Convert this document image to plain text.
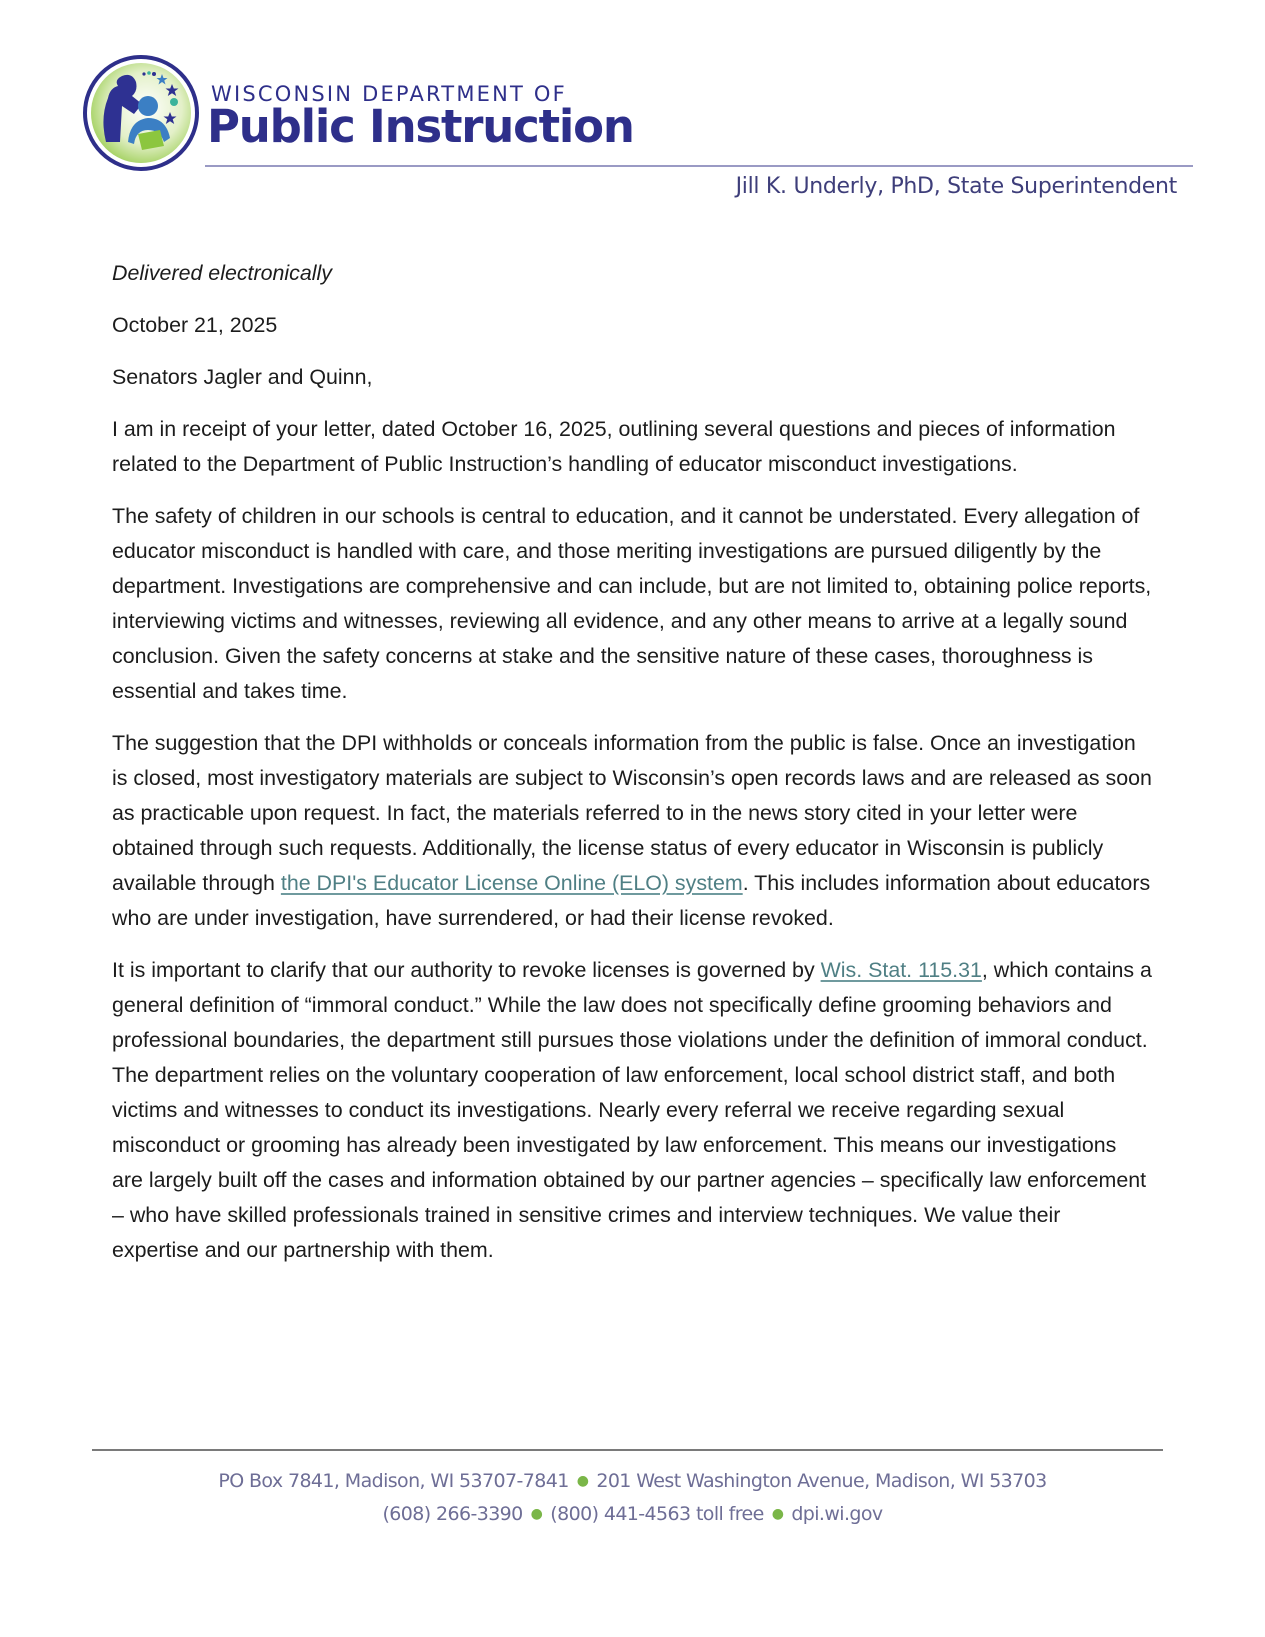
WISCONSIN DEPARTMENT OF
Public Instruction
Jill K. Underly, PhD, State Superintendent

Delivered electronically

October 21, 2025

Senators Jagler and Quinn,

I am in receipt of your letter, dated October 16, 2025, outlining several questions and pieces of information related to the Department of Public Instruction’s handling of educator misconduct investigations.

The safety of children in our schools is central to education, and it cannot be understated. Every allegation of educator misconduct is handled with care, and those meriting investigations are pursued diligently by the department. Investigations are comprehensive and can include, but are not limited to, obtaining police reports, interviewing victims and witnesses, reviewing all evidence, and any other means to arrive at a legally sound conclusion. Given the safety concerns at stake and the sensitive nature of these cases, thoroughness is essential and takes time.

The suggestion that the DPI withholds or conceals information from the public is false. Once an investigation is closed, most investigatory materials are subject to Wisconsin’s open records laws and are released as soon as practicable upon request. In fact, the materials referred to in the news story cited in your letter were obtained through such requests. Additionally, the license status of every educator in Wisconsin is publicly available through the DPI's Educator License Online (ELO) system. This includes information about educators who are under investigation, have surrendered, or had their license revoked.

It is important to clarify that our authority to revoke licenses is governed by Wis. Stat. 115.31, which contains a general definition of “immoral conduct.” While the law does not specifically define grooming behaviors and professional boundaries, the department still pursues those violations under the definition of immoral conduct. The department relies on the voluntary cooperation of law enforcement, local school district staff, and both victims and witnesses to conduct its investigations. Nearly every referral we receive regarding sexual misconduct or grooming has already been investigated by law enforcement. This means our investigations are largely built off the cases and information obtained by our partner agencies – specifically law enforcement – who have skilled professionals trained in sensitive crimes and interview techniques. We value their expertise and our partnership with them.

PO Box 7841, Madison, WI 53707-7841 ● 201 West Washington Avenue, Madison, WI 53703
(608) 266-3390 ● (800) 441-4563 toll free ● dpi.wi.gov
